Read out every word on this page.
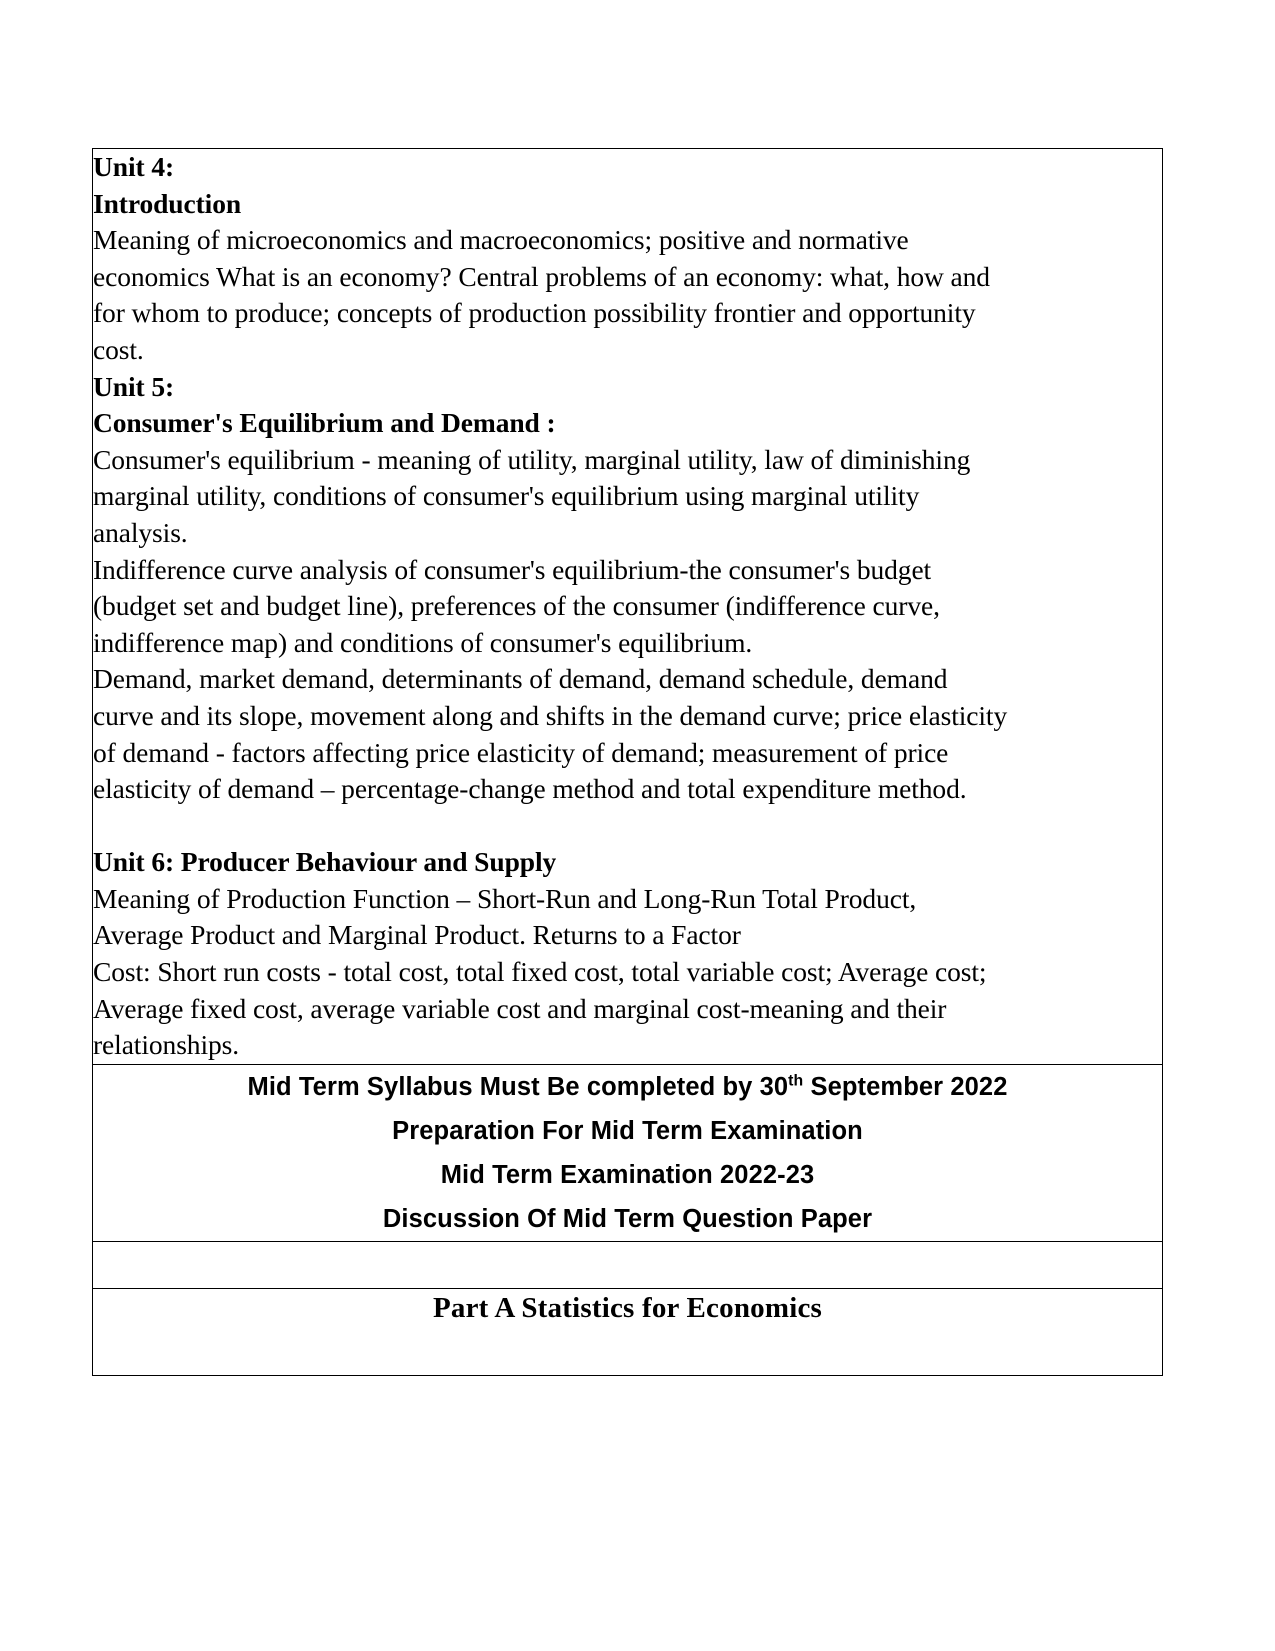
Unit 4:
Introduction
Meaning of microeconomics and macroeconomics; positive and normative
economics What is an economy? Central problems of an economy: what, how and
for whom to produce; concepts of production possibility frontier and opportunity
cost.
Unit 5:
Consumer's Equilibrium and Demand :
Consumer's equilibrium - meaning of utility, marginal utility, law of diminishing
marginal utility, conditions of consumer's equilibrium using marginal utility
analysis.
Indifference curve analysis of consumer's equilibrium-the consumer's budget
(budget set and budget line), preferences of the consumer (indifference curve,
indifference map) and conditions of consumer's equilibrium.
Demand, market demand, determinants of demand, demand schedule, demand
curve and its slope, movement along and shifts in the demand curve; price elasticity
of demand - factors affecting price elasticity of demand; measurement of price
elasticity of demand – percentage-change method and total expenditure method.

Unit 6: Producer Behaviour and Supply
Meaning of Production Function – Short-Run and Long-Run Total Product,
Average Product and Marginal Product. Returns to a Factor
Cost: Short run costs - total cost, total fixed cost, total variable cost; Average cost;
Average fixed cost, average variable cost and marginal cost-meaning and their
relationships.

Mid Term Syllabus Must Be completed by 30th September 2022
Preparation For Mid Term Examination
Mid Term Examination 2022-23
Discussion Of Mid Term Question Paper

Part A Statistics for Economics
